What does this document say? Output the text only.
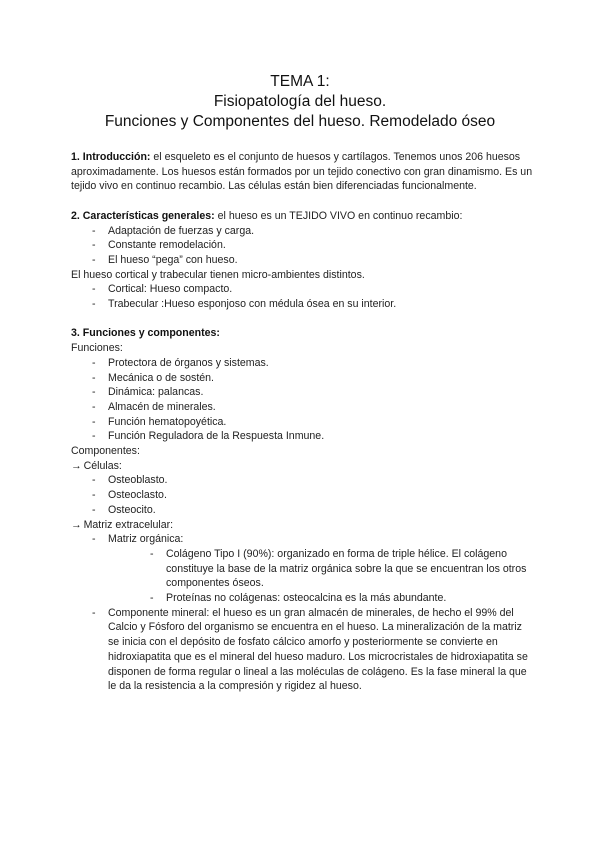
TEMA 1:
Fisiopatología del hueso.
Funciones y Componentes del hueso. Remodelado óseo

1. Introducción: el esqueleto es el conjunto de huesos y cartílagos. Tenemos unos 206 huesos aproximadamente. Los huesos están formados por un tejido conectivo con gran dinamismo. Es un tejido vivo en continuo recambio. Las células están bien diferenciadas funcionalmente.

2. Características generales: el hueso es un TEJIDO VIVO en continuo recambio:

- Adaptación de fuerzas y carga.
- Constante remodelación.
- El hueso “pega” con hueso.

El hueso cortical y trabecular tienen micro-ambientes distintos.

- Cortical: Hueso compacto.
- Trabecular :Hueso esponjoso con médula ósea en su interior.

3. Funciones y componentes:

Funciones:

- Protectora de órganos y sistemas.
- Mecánica o de sostén.
- Dinámica: palancas.
- Almacén de minerales.
- Función hematopoyética.
- Función Reguladora de la Respuesta Inmune.

Componentes:

→ Células:

- Osteoblasto.
- Osteoclasto.
- Osteocito.

→ Matriz extracelular:

- Matriz orgánica:
- Colágeno Tipo I (90%): organizado en forma de triple hélice. El colágeno constituye la base de la matriz orgánica sobre la que se encuentran los otros componentes óseos.
- Proteínas no colágenas: osteocalcina es la más abundante.
- Componente mineral: el hueso es un gran almacén de minerales, de hecho el 99% del Calcio y Fósforo del organismo se encuentra en el hueso. La mineralización de la matriz se inicia con el depósito de fosfato cálcico amorfo y posteriormente se convierte en hidroxiapatita que es el mineral del hueso maduro. Los microcristales de hidroxiapatita se disponen de forma regular o lineal a las moléculas de colágeno. Es la fase mineral la que le da la resistencia a la compresión y rigidez al hueso.
